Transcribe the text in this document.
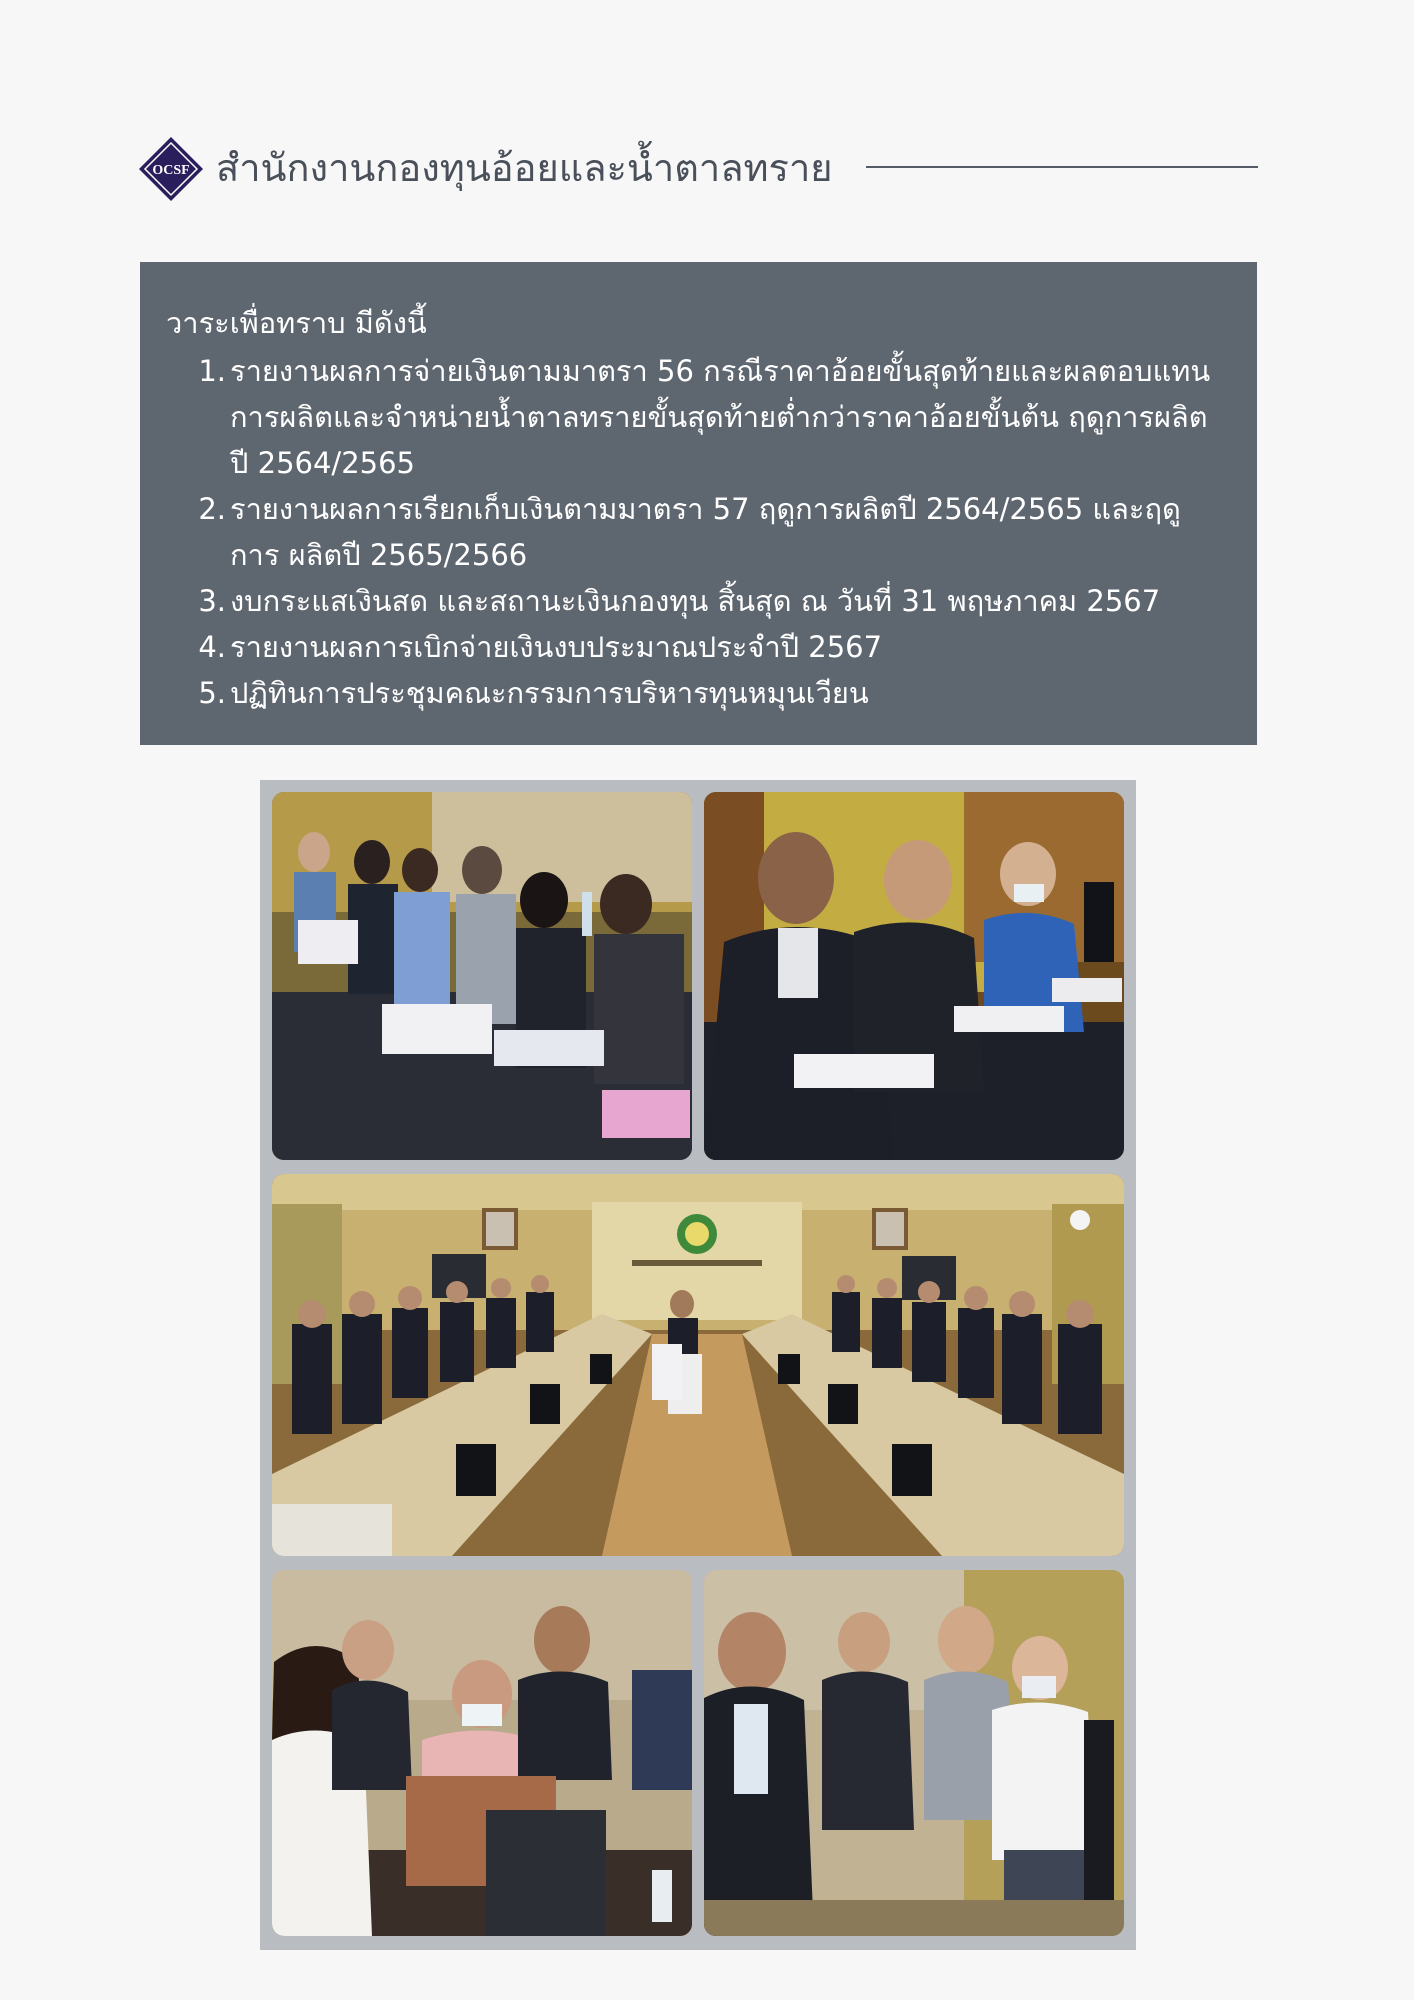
OCSF สำนักงานกองทุนอ้อยและน้ำตาลทราย
วาระเพื่อทราบ มีดังนี้
1. รายงานผลการจ่ายเงินตามมาตรา 56 กรณีราคาอ้อยขั้นสุดท้ายและผลตอบแทน การผลิตและจำหน่ายน้ำตาลทรายขั้นสุดท้ายต่ำกว่าราคาอ้อยขั้นต้น ฤดูการผลิตปี 2564/2565
2. รายงานผลการเรียกเก็บเงินตามมาตรา 57 ฤดูการผลิตปี 2564/2565 และฤดูการ ผลิตปี 2565/2566
3. งบกระแสเงินสด และสถานะเงินกองทุน สิ้นสุด ณ วันที่ 31 พฤษภาคม 2567
4. รายงานผลการเบิกจ่ายเงินงบประมาณประจำปี 2567
5. ปฏิทินการประชุมคณะกรรมการบริหารทุนหมุนเวียน
